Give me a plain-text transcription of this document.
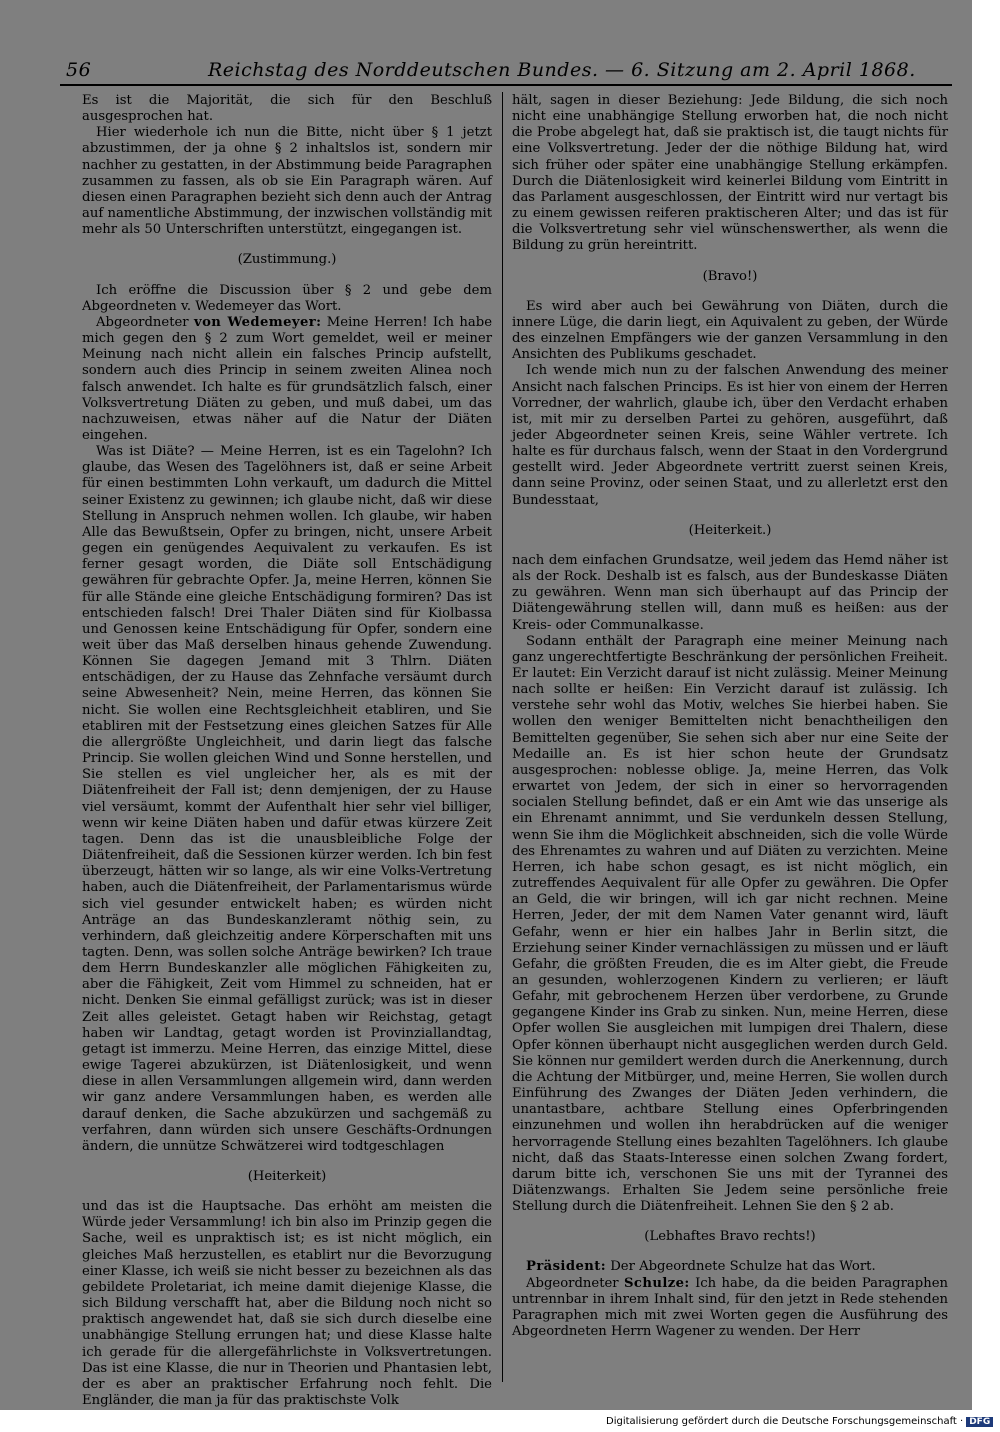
56	Reichstag des Norddeutschen Bundes. — 6. Sitzung am 2. April 1868.

Es ist die Majorität, die sich für den Beschluß ausgesprochen hat.

Hier wiederhole ich nun die Bitte, nicht über § 1 jetzt abzustimmen, der ja ohne § 2 inhaltslos ist, sondern mir nachher zu gestatten, in der Abstimmung beide Paragraphen zusammen zu fassen, als ob sie Ein Paragraph wären. Auf diesen einen Paragraphen bezieht sich denn auch der Antrag auf namentliche Abstimmung, der inzwischen vollständig mit mehr als 50 Unterschriften unterstützt, eingegangen ist.

(Zustimmung.)

Ich eröffne die Discussion über § 2 und gebe dem Abgeordneten v. Wedemeyer das Wort.

Abgeordneter von Wedemeyer: Meine Herren! Ich habe mich gegen den § 2 zum Wort gemeldet, weil er meiner Meinung nach nicht allein ein falsches Princip aufstellt, sondern auch dies Princip in seinem zweiten Alinea noch falsch anwendet. Ich halte es für grundsätzlich falsch, einer Volksvertretung Diäten zu geben, und muß dabei, um das nachzuweisen, etwas näher auf die Natur der Diäten eingehen.

Was ist Diäte? — Meine Herren, ist es ein Tagelohn? Ich glaube, das Wesen des Tagelöhners ist, daß er seine Arbeit für einen bestimmten Lohn verkauft, um dadurch die Mittel seiner Existenz zu gewinnen; ich glaube nicht, daß wir diese Stellung in Anspruch nehmen wollen. Ich glaube, wir haben Alle das Bewußtsein, Opfer zu bringen, nicht, unsere Arbeit gegen ein genügendes Aequivalent zu verkaufen. Es ist ferner gesagt worden, die Diäte soll Entschädigung gewähren für gebrachte Opfer. Ja, meine Herren, können Sie für alle Stände eine gleiche Entschädigung formiren? Das ist entschieden falsch! Drei Thaler Diäten sind für Kiolbassa und Genossen keine Entschädigung für Opfer, sondern eine weit über das Maß derselben hinaus gehende Zuwendung. Können Sie dagegen Jemand mit 3 Thlrn. Diäten entschädigen, der zu Hause das Zehnfache versäumt durch seine Abwesenheit? Nein, meine Herren, das können Sie nicht. Sie wollen eine Rechtsgleichheit etabliren, und Sie etabliren mit der Festsetzung eines gleichen Satzes für Alle die allergrößte Ungleichheit, und darin liegt das falsche Princip. Sie wollen gleichen Wind und Sonne herstellen, und Sie stellen es viel ungleicher her, als es mit der Diätenfreiheit der Fall ist; denn demjenigen, der zu Hause viel versäumt, kommt der Aufenthalt hier sehr viel billiger, wenn wir keine Diäten haben und dafür etwas kürzere Zeit tagen. Denn das ist die unausbleibliche Folge der Diätenfreiheit, daß die Sessionen kürzer werden. Ich bin fest überzeugt, hätten wir so lange, als wir eine Volks-Vertretung haben, auch die Diätenfreiheit, der Parlamentarismus würde sich viel gesunder entwickelt haben; es würden nicht Anträge an das Bundeskanzleramt nöthig sein, zu verhindern, daß gleichzeitig andere Körperschaften mit uns tagten. Denn, was sollen solche Anträge bewirken? Ich traue dem Herrn Bundeskanzler alle möglichen Fähigkeiten zu, aber die Fähigkeit, Zeit vom Himmel zu schneiden, hat er nicht. Denken Sie einmal gefälligst zurück; was ist in dieser Zeit alles geleistet. Getagt haben wir Reichstag, getagt haben wir Landtag, getagt worden ist Provinziallandtag, getagt ist immerzu. Meine Herren, das einzige Mittel, diese ewige Tagerei abzukürzen, ist Diätenlosigkeit, und wenn diese in allen Versammlungen allgemein wird, dann werden wir ganz andere Versammlungen haben, es werden alle darauf denken, die Sache abzukürzen und sachgemäß zu verfahren, dann würden sich unsere Geschäfts-Ordnungen ändern, die unnütze Schwätzerei wird todtgeschlagen

(Heiterkeit)

und das ist die Hauptsache. Das erhöht am meisten die Würde jeder Versammlung! ich bin also im Prinzip gegen die Sache, weil es unpraktisch ist; es ist nicht möglich, ein gleiches Maß herzustellen, es etablirt nur die Bevorzugung einer Klasse, ich weiß sie nicht besser zu bezeichnen als das gebildete Proletariat, ich meine damit diejenige Klasse, die sich Bildung verschafft hat, aber die Bildung noch nicht so praktisch angewendet hat, daß sie sich durch dieselbe eine unabhängige Stellung errungen hat; und diese Klasse halte ich gerade für die allergefährlichste in Volksvertretungen. Das ist eine Klasse, die nur in Theorien und Phantasien lebt, der es aber an praktischer Erfahrung noch fehlt. Die Engländer, die man ja für das praktischste Volk

hält, sagen in dieser Beziehung: Jede Bildung, die sich noch nicht eine unabhängige Stellung erworben hat, die noch nicht die Probe abgelegt hat, daß sie praktisch ist, die taugt nichts für eine Volksvertretung. Jeder der die nöthige Bildung hat, wird sich früher oder später eine unabhängige Stellung erkämpfen. Durch die Diätenlosigkeit wird keinerlei Bildung vom Eintritt in das Parlament ausgeschlossen, der Eintritt wird nur vertagt bis zu einem gewissen reiferen praktischeren Alter; und das ist für die Volksvertretung sehr viel wünschenswerther, als wenn die Bildung zu grün hereintritt.

(Bravo!)

Es wird aber auch bei Gewährung von Diäten, durch die innere Lüge, die darin liegt, ein Aquivalent zu geben, der Würde des einzelnen Empfängers wie der ganzen Versammlung in den Ansichten des Publikums geschadet.

Ich wende mich nun zu der falschen Anwendung des meiner Ansicht nach falschen Princips. Es ist hier von einem der Herren Vorredner, der wahrlich, glaube ich, über den Verdacht erhaben ist, mit mir zu derselben Partei zu gehören, ausgeführt, daß jeder Abgeordneter seinen Kreis, seine Wähler vertrete. Ich halte es für durchaus falsch, wenn der Staat in den Vordergrund gestellt wird. Jeder Abgeordnete vertritt zuerst seinen Kreis, dann seine Provinz, oder seinen Staat, und zu allerletzt erst den Bundesstaat,

(Heiterkeit.)

nach dem einfachen Grundsatze, weil jedem das Hemd näher ist als der Rock. Deshalb ist es falsch, aus der Bundeskasse Diäten zu gewähren. Wenn man sich überhaupt auf das Princip der Diätengewährung stellen will, dann muß es heißen: aus der Kreis- oder Communalkasse.

Sodann enthält der Paragraph eine meiner Meinung nach ganz ungerechtfertigte Beschränkung der persönlichen Freiheit. Er lautet: Ein Verzicht darauf ist nicht zulässig. Meiner Meinung nach sollte er heißen: Ein Verzicht darauf ist zulässig. Ich verstehe sehr wohl das Motiv, welches Sie hierbei haben. Sie wollen den weniger Bemittelten nicht benachtheiligen den Bemittelten gegenüber, Sie sehen sich aber nur eine Seite der Medaille an. Es ist hier schon heute der Grundsatz ausgesprochen: noblesse oblige. Ja, meine Herren, das Volk erwartet von Jedem, der sich in einer so hervorragenden socialen Stellung befindet, daß er ein Amt wie das unserige als ein Ehrenamt annimmt, und Sie verdunkeln dessen Stellung, wenn Sie ihm die Möglichkeit abschneiden, sich die volle Würde des Ehrenamtes zu wahren und auf Diäten zu verzichten. Meine Herren, ich habe schon gesagt, es ist nicht möglich, ein zutreffendes Aequivalent für alle Opfer zu gewähren. Die Opfer an Geld, die wir bringen, will ich gar nicht rechnen. Meine Herren, Jeder, der mit dem Namen Vater genannt wird, läuft Gefahr, wenn er hier ein halbes Jahr in Berlin sitzt, die Erziehung seiner Kinder vernachlässigen zu müssen und er läuft Gefahr, die größten Freuden, die es im Alter giebt, die Freude an gesunden, wohlerzogenen Kindern zu verlieren; er läuft Gefahr, mit gebrochenem Herzen über verdorbene, zu Grunde gegangene Kinder ins Grab zu sinken. Nun, meine Herren, diese Opfer wollen Sie ausgleichen mit lumpigen drei Thalern, diese Opfer können überhaupt nicht ausgeglichen werden durch Geld. Sie können nur gemildert werden durch die Anerkennung, durch die Achtung der Mitbürger, und, meine Herren, Sie wollen durch Einführung des Zwanges der Diäten Jeden verhindern, die unantastbare, achtbare Stellung eines Opferbringenden einzunehmen und wollen ihn herabdrücken auf die weniger hervorragende Stellung eines bezahlten Tagelöhners. Ich glaube nicht, daß das Staats-Interesse einen solchen Zwang fordert, darum bitte ich, verschonen Sie uns mit der Tyrannei des Diätenzwangs. Erhalten Sie Jedem seine persönliche freie Stellung durch die Diätenfreiheit. Lehnen Sie den § 2 ab.

(Lebhaftes Bravo rechts!)

Präsident: Der Abgeordnete Schulze hat das Wort.

Abgeordneter Schulze: Ich habe, da die beiden Paragraphen untrennbar in ihrem Inhalt sind, für den jetzt in Rede stehenden Paragraphen mich mit zwei Worten gegen die Ausführung des Abgeordneten Herrn Wagener zu wenden. Der Herr

Digitalisierung gefördert durch die Deutsche Forschungsgemeinschaft · DFG
